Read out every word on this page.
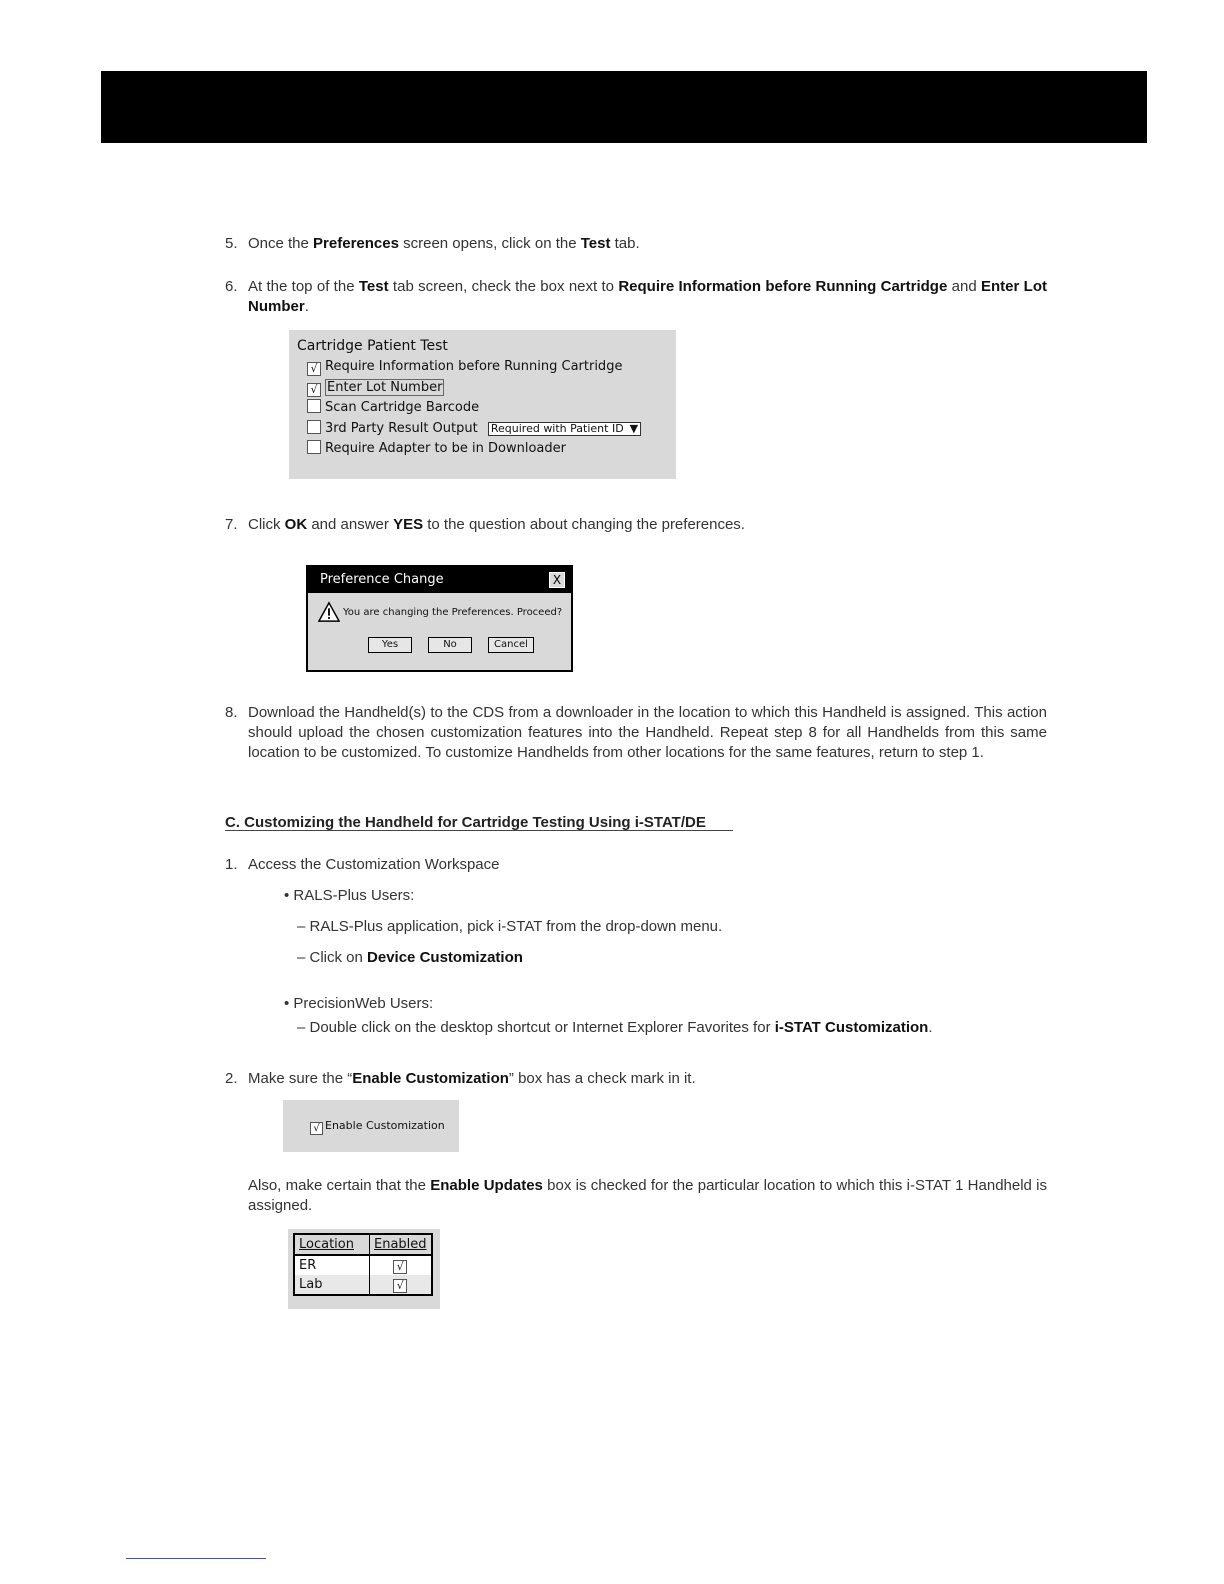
5. Once the Preferences screen opens, click on the Test tab.
6. At the top of the Test tab screen, check the box next to Require Information before Running Cartridge and Enter Lot Number.
Cartridge Patient Test
√ Require Information before Running Cartridge
√ Enter Lot Number
Scan Cartridge Barcode
3rd Party Result Output Required with Patient ID ▼
Require Adapter to be in Downloader
7. Click OK and answer YES to the question about changing the preferences.
Preference Change	X
You are changing the Preferences. Proceed?
Yes	No	Cancel
8. Download the Handheld(s) to the CDS from a downloader in the location to which this Handheld is assigned. This action should upload the chosen customization features into the Handheld. Repeat step 8 for all Handhelds from this same location to be customized. To customize Handhelds from other locations for the same features, return to step 1.
C. Customizing the Handheld for Cartridge Testing Using i-STAT/DE
1. Access the Customization Workspace
• RALS-Plus Users:
– RALS-Plus application, pick i-STAT from the drop-down menu.
– Click on Device Customization
• PrecisionWeb Users:
– Double click on the desktop shortcut or Internet Explorer Favorites for i-STAT Customization.
2. Make sure the “Enable Customization” box has a check mark in it.
√ Enable Customization
Also, make certain that the Enable Updates box is checked for the particular location to which this i-STAT 1 Handheld is assigned.
Location	Enabled
ER	√
Lab	√
